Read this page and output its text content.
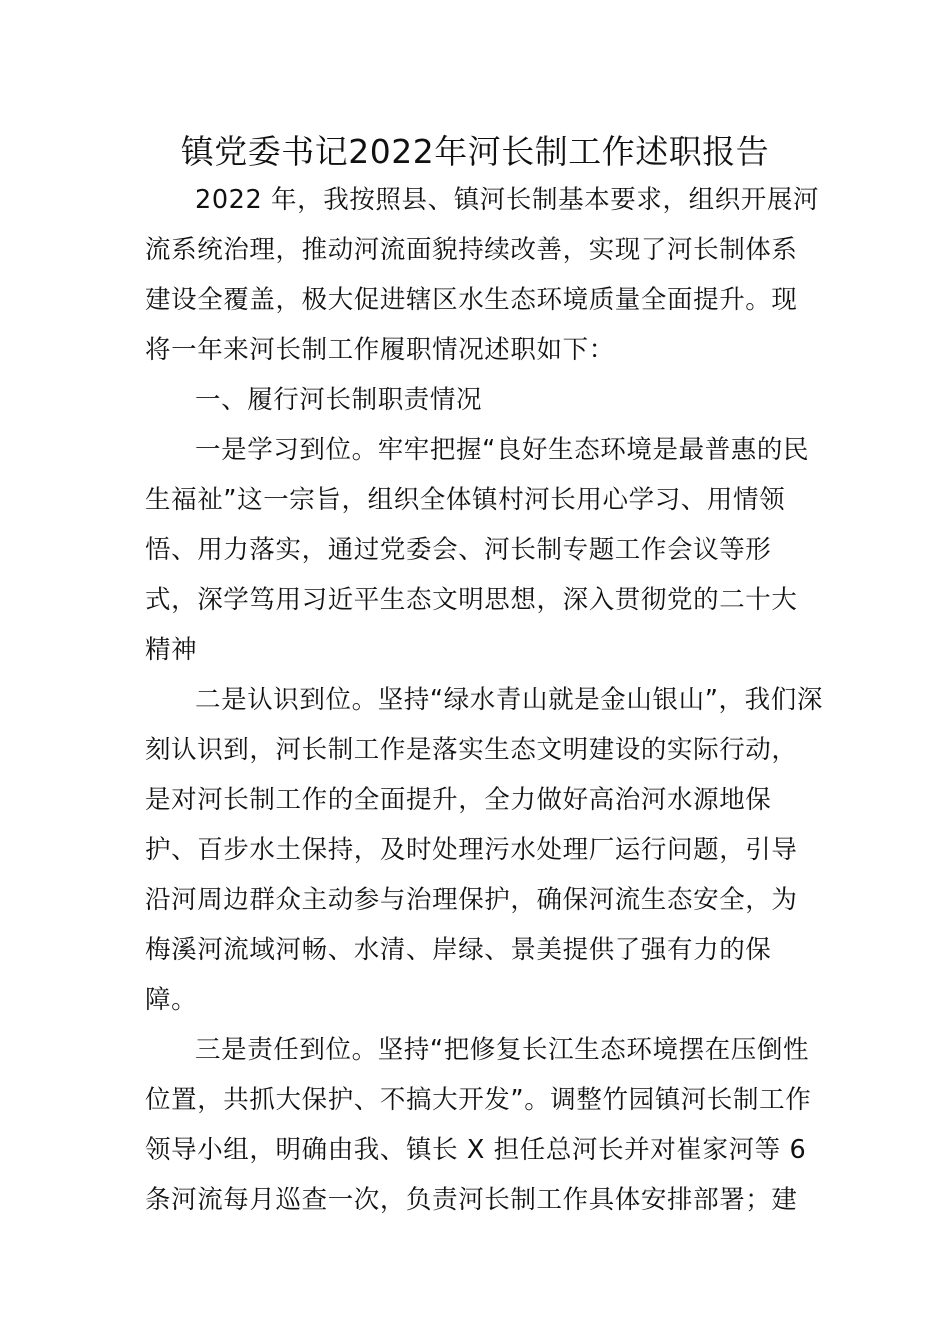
镇党委书记2022年河长制工作述职报告
2022 年，我按照县、镇河长制基本要求，组织开展河
流系统治理，推动河流面貌持续改善，实现了河长制体系
建设全覆盖，极大促进辖区水生态环境质量全面提升。现
将一年来河长制工作履职情况述职如下：
一、履行河长制职责情况
一是学习到位。牢牢把握“良好生态环境是最普惠的民
生福祉”这一宗旨，组织全体镇村河长用心学习、用情领
悟、用力落实，通过党委会、河长制专题工作会议等形
式，深学笃用习近平生态文明思想，深入贯彻党的二十大
精神
二是认识到位。坚持“绿水青山就是金山银山”，我们深
刻认识到，河长制工作是落实生态文明建设的实际行动，
是对河长制工作的全面提升，全力做好高治河水源地保
护、百步水土保持，及时处理污水处理厂运行问题，引导
沿河周边群众主动参与治理保护，确保河流生态安全，为
梅溪河流域河畅、水清、岸绿、景美提供了强有力的保
障。
三是责任到位。坚持“把修复长江生态环境摆在压倒性
位置，共抓大保护、不搞大开发”。调整竹园镇河长制工作
领导小组，明确由我、镇长 X 担任总河长并对崔家河等 6
条河流每月巡查一次，负责河长制工作具体安排部署；建
